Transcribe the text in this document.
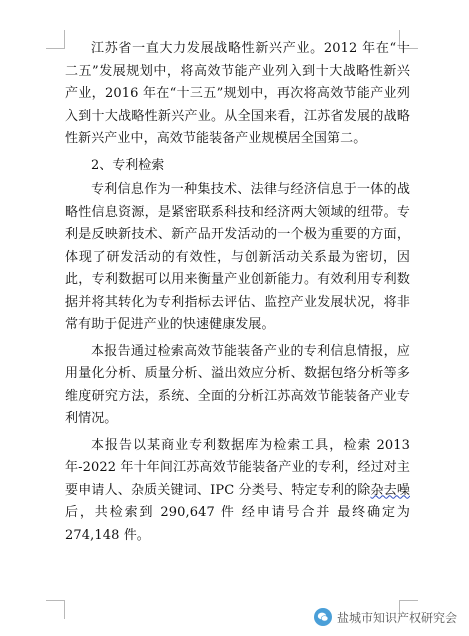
江苏省一直大力发展战略性新兴产业。2012 年在“十二五”发展规划中，将高效节能产业列入到十大战略性新兴产业，2016 年在“十三五”规划中，再次将高效节能产业列入到十大战略性新兴产业。从全国来看，江苏省发展的战略性新兴产业中，高效节能装备产业规模居全国第二。

2、专利检索

专利信息作为一种集技术、法律与经济信息于一体的战略性信息资源，是紧密联系科技和经济两大领域的纽带。专利是反映新技术、新产品开发活动的一个极为重要的方面，体现了研发活动的有效性，与创新活动关系最为密切，因此，专利数据可以用来衡量产业创新能力。有效利用专利数据并将其转化为专利指标去评估、监控产业发展状况，将非常有助于促进产业的快速健康发展。

本报告通过检索高效节能装备产业的专利信息情报，应用量化分析、质量分析、溢出效应分析、数据包络分析等多维度研究方法，系统、全面的分析江苏高效节能装备产业专利情况。

本报告以某商业专利数据库为检索工具，检索 2013 年-2022 年十年间江苏高效节能装备产业的专利，经过对主要申请人、杂质关键词、IPC 分类号、特定专利的除杂去噪后，共检索到 290,647 件 经申请号合并 最终确定为 274,148 件。

盐城市知识产权研究会
